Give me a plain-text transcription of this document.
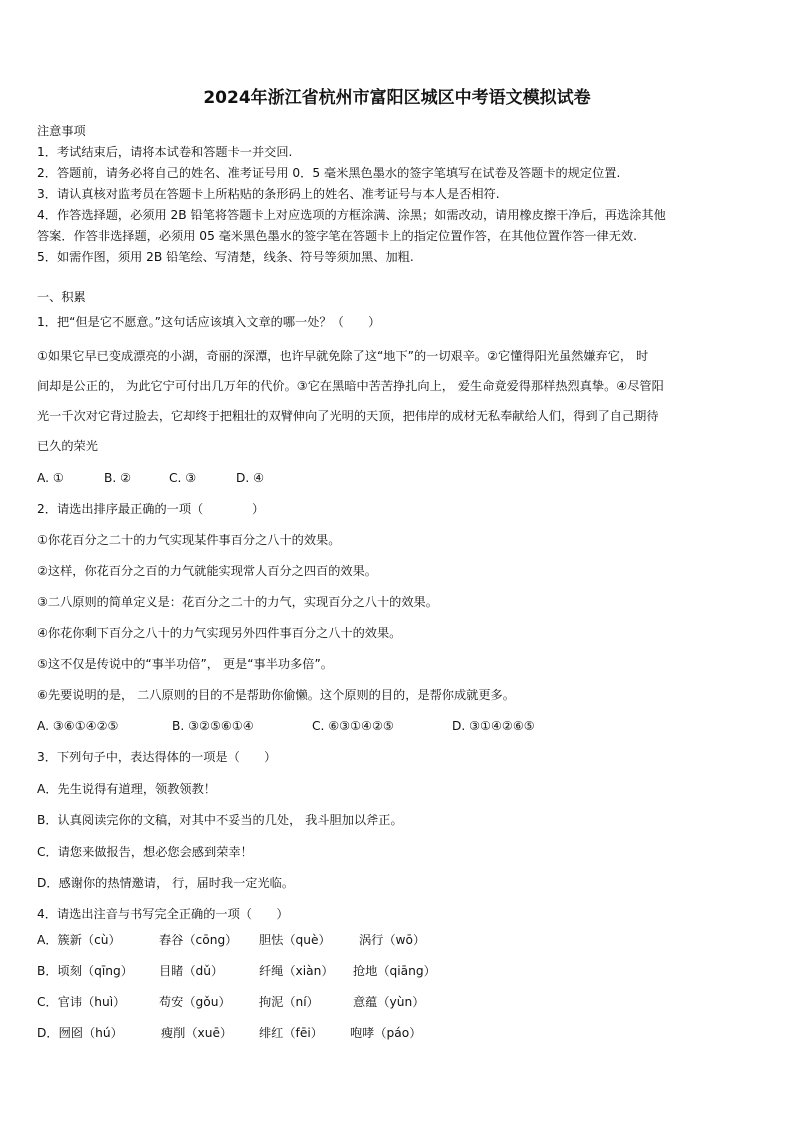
2024年浙江省杭州市富阳区城区中考语文模拟试卷
注意事项
1．考试结束后，请将本试卷和答题卡一并交回.
2．答题前，请务必将自己的姓名、准考证号用 0．5 毫米黑色墨水的签字笔填写在试卷及答题卡的规定位置.
3．请认真核对监考员在答题卡上所粘贴的条形码上的姓名、准考证号与本人是否相符.
4．作答选择题，必须用 2B 铅笔将答题卡上对应选项的方框涂满、涂黑；如需改动，请用橡皮擦干净后，再选涂其他
答案．作答非选择题，必须用 05 毫米黑色墨水的签字笔在答题卡上的指定位置作答，在其他位置作答一律无效.
5．如需作图，须用 2B 铅笔绘、写清楚，线条、符号等须加黑、加粗.
一、积累
1．把“但是它不愿意。”这句话应该填入文章的哪一处？（　　）
①如果它早已变成漂亮的小湖，奇丽的深潭，也许早就免除了这“地下”的一切艰辛。②它懂得阳光虽然嫌弃它， 时
间却是公正的， 为此它宁可付出几万年的代价。③它在黑暗中苦苦挣扎向上， 爱生命竟爱得那样热烈真挚。④尽管阳
光一千次对它背过脸去，它却终于把粗壮的双臂伸向了光明的天顶，把伟岸的成材无私奉献给人们，得到了自己期待
已久的荣光
A. ①	B. ②	C. ③	D. ④
2．请选出排序最正确的一项（　　　　）
①你花百分之二十的力气实现某件事百分之八十的效果。
②这样，你花百分之百的力气就能实现常人百分之四百的效果。
③二八原则的简单定义是：花百分之二十的力气，实现百分之八十的效果。
④你花你剩下百分之八十的力气实现另外四件事百分之八十的效果。
⑤这不仅是传说中的“事半功倍”， 更是“事半功多倍”。
⑥先要说明的是， 二八原则的目的不是帮助你偷懒。这个原则的目的，是帮你成就更多。
A. ③⑥①④②⑤	B. ③②⑤⑥①④	C. ⑥③①④②⑤	D. ③①④②⑥⑤
3．下列句子中，表达得体的一项是（　　）
A．先生说得有道理，领教领教！
B．认真阅读完你的文稿，对其中不妥当的几处， 我斗胆加以斧正。
C．请您来做报告，想必您会感到荣幸！
D．感谢你的热情邀请， 行，届时我一定光临。
4．请选出注音与书写完全正确的一项（　　）
A．簇新（cù）	舂谷（cōng） 胆怯（què） 涡行（wō）
B．顷刻（qīng） 目睹（dǔ）	纤绳（xiàn） 抢地（qiāng）
C．官讳（huì）	苟安（gǒu） 拘泥（ní）	意蕴（yùn）
D．囫囵（hú）	瘦削（xuē） 绯红（fēi） 咆哮（páo）
